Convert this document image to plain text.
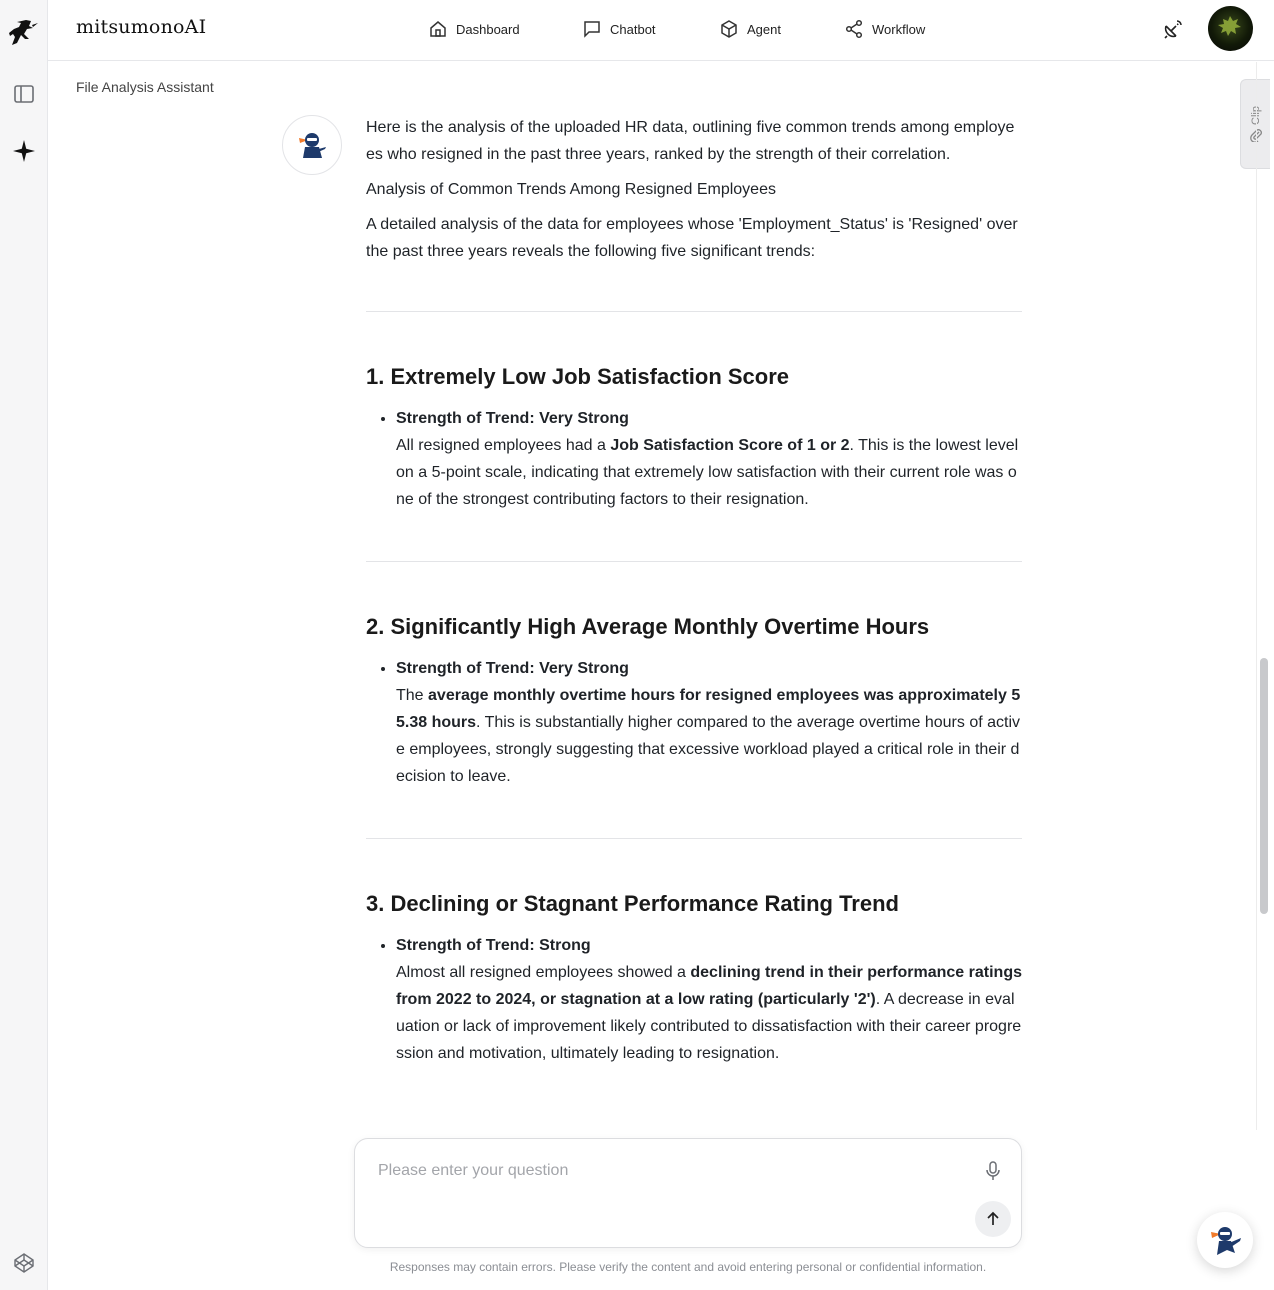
mitsumonoAI	Dashboard	Chatbot	Agent	Workflow
File Analysis Assistant
Clip

Here is the analysis of the uploaded HR data, outlining five common trends among employees who resigned in the past three years, ranked by the strength of their correlation.

Analysis of Common Trends Among Resigned Employees

A detailed analysis of the data for employees whose 'Employment_Status' is 'Resigned' over the past three years reveals the following five significant trends:

1. Extremely Low Job Satisfaction Score
• Strength of Trend: Very Strong
All resigned employees had a Job Satisfaction Score of 1 or 2. This is the lowest level on a 5-point scale, indicating that extremely low satisfaction with their current role was one of the strongest contributing factors to their resignation.
2. Significantly High Average Monthly Overtime Hours
• Strength of Trend: Very Strong
The average monthly overtime hours for resigned employees was approximately 55.38 hours. This is substantially higher compared to the average overtime hours of active employees, strongly suggesting that excessive workload played a critical role in their decision to leave.
3. Declining or Stagnant Performance Rating Trend
• Strength of Trend: Strong
Almost all resigned employees showed a declining trend in their performance ratings from 2022 to 2024, or stagnation at a low rating (particularly '2'). A decrease in evaluation or lack of improvement likely contributed to dissatisfaction with their career progression and motivation, ultimately leading to resignation.
Please enter your question
Responses may contain errors. Please verify the content and avoid entering personal or confidential information.
